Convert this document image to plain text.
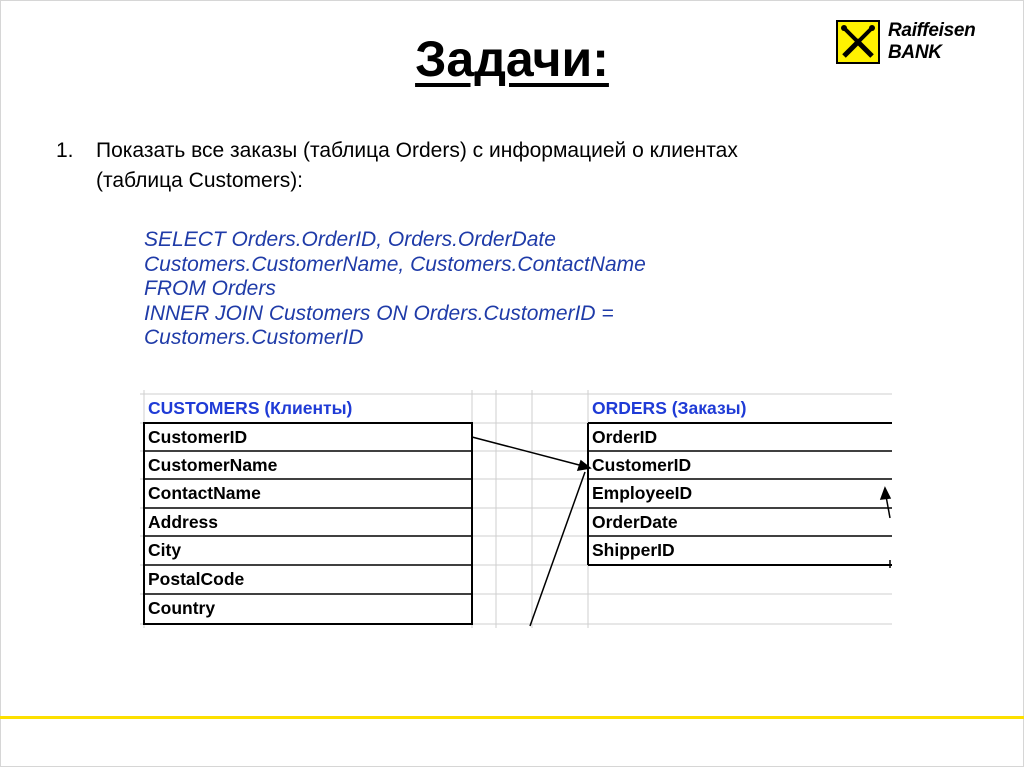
Задачи:
Raiffeisen
BANK
1. Показать все заказы (таблица Orders) с информацией о клиентах (таблица Customers):
SELECT Orders.OrderID, Orders.OrderDate
Customers.CustomerName, Customers.ContactName
FROM Orders
INNER JOIN Customers ON Orders.CustomerID =
Customers.CustomerID
CUSTOMERS (Клиенты)
CustomerID
CustomerName
ContactName
Address
City
PostalCode
Country
ORDERS (Заказы)
OrderID
CustomerID
EmployeeID
OrderDate
ShipperID
